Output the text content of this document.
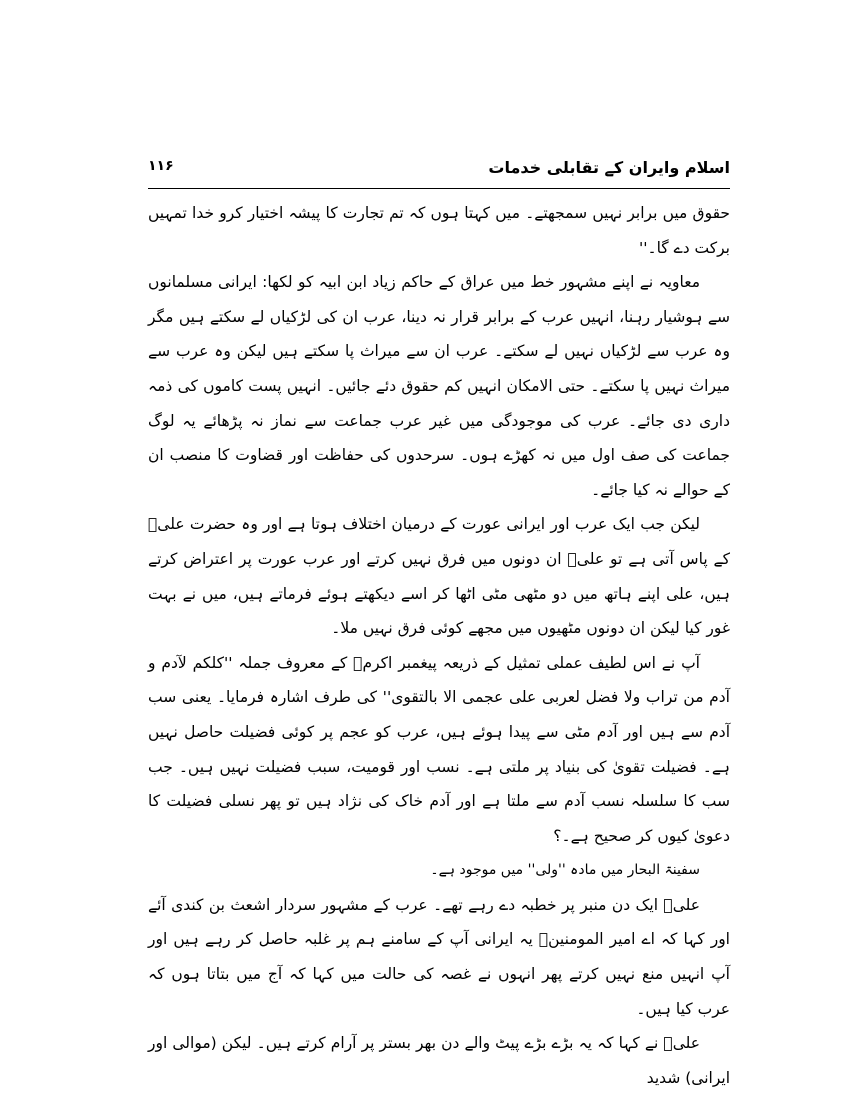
اسلام وایران کے تقابلی خدمات
۱۱۶

حقوق میں برابر نہیں سمجھتے۔ میں کہتا ہوں کہ تم تجارت کا پیشہ اختیار کرو خدا تمہیں برکت دے گا۔''

معاویہ نے اپنے مشہور خط میں عراق کے حاکم زیاد ابن ابیہ کو لکھا: ایرانی مسلمانوں سے ہوشیار رہنا، انہیں عرب کے برابر قرار نہ دینا، عرب ان کی لڑکیاں لے سکتے ہیں مگر وہ عرب سے لڑکیاں نہیں لے سکتے۔ عرب ان سے میراث پا سکتے ہیں لیکن وہ عرب سے میراث نہیں پا سکتے۔ حتی الامکان انہیں کم حقوق دئے جائیں۔ انہیں پست کاموں کی ذمہ داری دی جائے۔ عرب کی موجودگی میں غیر عرب جماعت سے نماز نہ پڑھائے یہ لوگ جماعت کی صف اول میں نہ کھڑے ہوں۔ سرحدوں کی حفاظت اور قضاوت کا منصب ان کے حوالے نہ کیا جائے۔

لیکن جب ایک عرب اور ایرانی عورت کے درمیان اختلاف ہوتا ہے اور وہ حضرت علیؑ کے پاس آتی ہے تو علیؑ ان دونوں میں فرق نہیں کرتے اور عرب عورت پر اعتراض کرتے ہیں، علی اپنے ہاتھ میں دو مٹھی مٹی اٹھا کر اسے دیکھتے ہوئے فرماتے ہیں، میں نے بہت غور کیا لیکن ان دونوں مٹھیوں میں مجھے کوئی فرق نہیں ملا۔

آپ نے اس لطیف عملی تمثیل کے ذریعہ پیغمبر اکرمؐ کے معروف جملہ ''کلکم لآدم و آدم من تراب ولا فضل لعربی علی عجمی الا بالتقوی'' کی طرف اشارہ فرمایا۔ یعنی سب آدم سے ہیں اور آدم مٹی سے پیدا ہوئے ہیں، عرب کو عجم پر کوئی فضیلت حاصل نہیں ہے۔ فضیلت تقویٰ کی بنیاد پر ملتی ہے۔ نسب اور قومیت، سبب فضیلت نہیں ہیں۔ جب سب کا سلسلہ نسب آدم سے ملتا ہے اور آدم خاک کی نژاد ہیں تو پھر نسلی فضیلت کا دعویٰ کیوں کر صحیح ہے۔؟

سفینۃ البحار میں مادہ ''ولی'' میں موجود ہے۔

علیؑ ایک دن منبر پر خطبہ دے رہے تھے۔ عرب کے مشہور سردار اشعث بن کندی آئے اور کہا کہ اے امیر المومنینؑ یہ ایرانی آپ کے سامنے ہم پر غلبہ حاصل کر رہے ہیں اور آپ انہیں منع نہیں کرتے پھر انہوں نے غصہ کی حالت میں کہا کہ آج میں بتاتا ہوں کہ عرب کیا ہیں۔

علیؑ نے کہا کہ یہ بڑے بڑے پیٹ والے دن بھر بستر پر آرام کرتے ہیں۔ لیکن (موالی اور ایرانی) شدید
